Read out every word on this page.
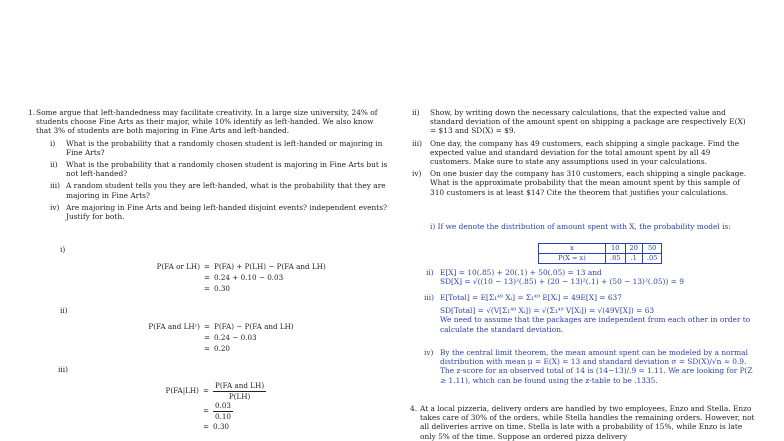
1. Some argue that left-handedness may facilitate creativity. In a large size university, 24% of students choose Fine Arts as their major, while 10% identify as left-handed. We also know that 3% of students are both majoring in Fine Arts and left-handed.

i) What is the probability that a randomly chosen student is left-handed or majoring in Fine Arts?

ii) What is the probability that a randomly chosen student is majoring in Fine Arts but is not left-handed?

iii) A random student tells you they are left-handed, what is the probability that they are majoring in Fine Arts?

iv) Are majoring in Fine Arts and being left-handed disjoint events? independent events? Justify for both.

i)
P(FA or LH) = P(FA) + P(LH) − P(FA and LH)
= 0.24 + 0.10 − 0.03
= 0.30
ii)
P(FA and LHᶜ) = P(FA) − P(FA and LH)
= 0.24 − 0.03
= 0.20
iii)
$P(FA|LH) = \frac{\text{P(FA and LH)}}{P(LH)}$
= $\frac{0.03}{0.10}$
= 0.30
ii) Show, by writing down the necessary calculations, that the expected value and standard deviation of the amount spent on shipping a package are respectively E(X) = $13 and SD(X) = $9.

iii) One day, the company has 49 customers, each shipping a single package. Find the expected value and standard deviation for the total amount spent by all 49 customers. Make sure to state any assumptions used in your calculations.

iv) On one busier day the company has 310 customers, each shipping a single package. What is the approximate probability that the mean amount spent by this sample of 310 customers is at least $14? Cite the theorem that justifies your calculations.

i) If we denote the distribution of amount spent with X, the probability model is:

x	10	20	50
P(X = x)	.85	.1	.05
ii) E[X] = 10(.85) + 20(.1) + 50(.05) = 13 and

SD[X] = √((10 − 13)²(.85) + (20 − 13)²(.1) + (50 − 13)²(.05)) = 9

iii) E[Total] = E[Σ₁⁴⁹ Xᵢ] = Σ₁⁴⁹ E[Xᵢ] = 49E[X] = 637

SD[Total] = √(V[Σ₁⁴⁹ Xᵢ]) = √(Σ₁⁴⁹ V[Xᵢ]) = √(49V[X]) = 63

We need to assume that the packages are independent from each other in order to calculate the standard deviation.

iv) By the central limit theorem, the mean amount spent can be modeled by a normal distribution with mean μ = E(X) = 13 and standard deviation σ = SD(X)/√n ≈ 0.9.

The z-score for an observed total of 14 is (14−13)/.9 = 1.11. We are looking for P(Z ≥ 1.11), which can be found using the z-table to be .1335.

4. At a local pizzeria, delivery orders are handled by two employees, Enzo and Stella. Enzo takes care of 30% of the orders, while Stella handles the remaining orders. However, not all deliveries arrive on time. Stella is late with a probability of 15%, while Enzo is late only 5% of the time. Suppose an ordered pizza delivery
